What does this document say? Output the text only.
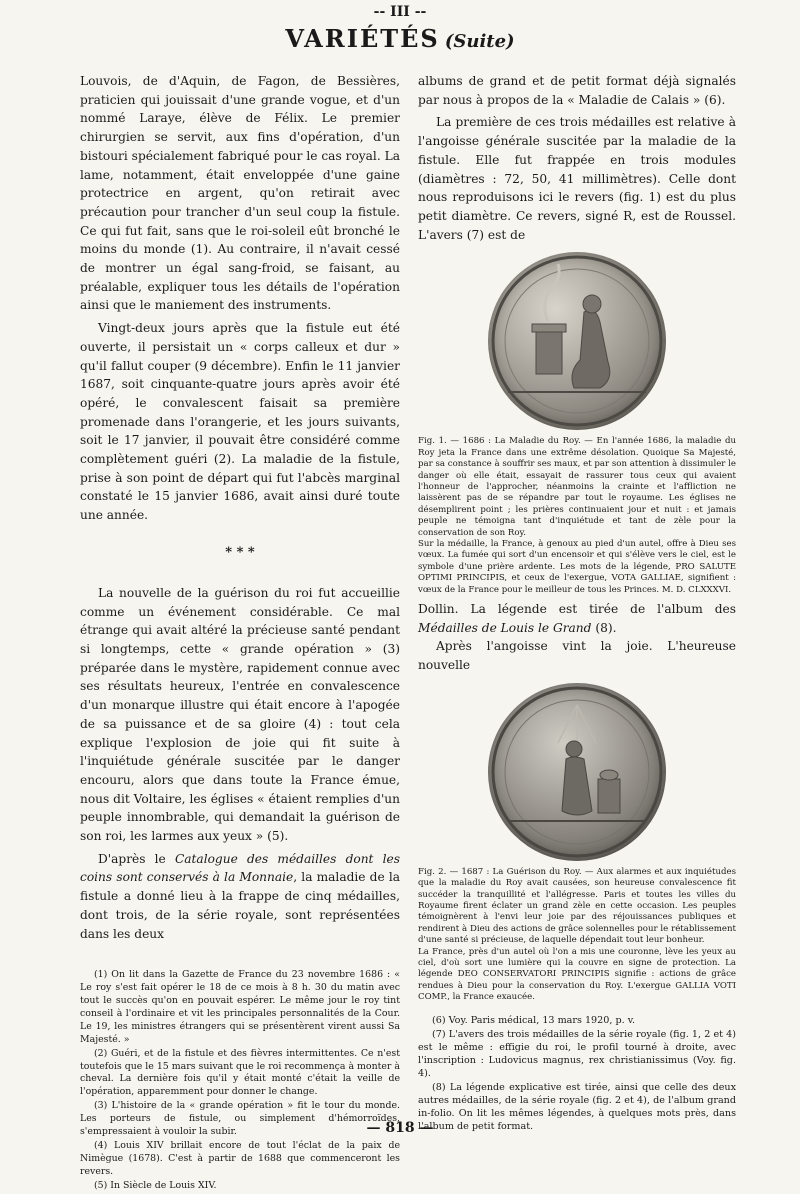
-- III --
VARIÉTÉS (Suite)

Louvois, de d'Aquin, de Fagon, de Bessières, praticien qui jouissait d'une grande vogue, et d'un nommé Laraye, élève de Félix. Le premier chirurgien se servit, aux fins d'opération, d'un bistouri spécialement fabriqué pour le cas royal. La lame, notamment, était enveloppée d'une gaine protectrice en argent, qu'on retirait avec précaution pour trancher d'un seul coup la fistule. Ce qui fut fait, sans que le roi-soleil eût bronché le moins du monde (1). Au contraire, il n'avait cessé de montrer un égal sang-froid, se faisant, au préalable, expliquer tous les détails de l'opération ainsi que le maniement des instruments.

Vingt-deux jours après que la fistule eut été ouverte, il persistait un « corps calleux et dur » qu'il fallut couper (9 décembre). Enfin le 11 janvier 1687, soit cinquante-quatre jours après avoir été opéré, le convalescent faisait sa première promenade dans l'orangerie, et les jours suivants, soit le 17 janvier, il pouvait être considéré comme complètement guéri (2). La maladie de la fistule, prise à son point de départ qui fut l'abcès marginal constaté le 15 janvier 1686, avait ainsi duré toute une année.

* * *

La nouvelle de la guérison du roi fut accueillie comme un événement considérable. Ce mal étrange qui avait altéré la précieuse santé pendant si longtemps, cette « grande opération » (3) préparée dans le mystère, rapidement connue avec ses résultats heureux, l'entrée en convalescence d'un monarque illustre qui était encore à l'apogée de sa puissance et de sa gloire (4) : tout cela explique l'explosion de joie qui fit suite à l'inquiétude générale suscitée par le danger encouru, alors que dans toute la France émue, nous dit Voltaire, les églises « étaient remplies d'un peuple innombrable, qui demandait la guérison de son roi, les larmes aux yeux » (5).

D'après le Catalogue des médailles dont les coins sont conservés à la Monnaie, la maladie de la fistule a donné lieu à la frappe de cinq médailles, dont trois, de la série royale, sont représentées dans les deux

(1) On lit dans la Gazette de France du 23 novembre 1686 : « Le roy s'est fait opérer le 18 de ce mois à 8 h. 30 du matin avec tout le succès qu'on en pouvait espérer. Le même jour le roy tint conseil à l'ordinaire et vit les principales personnalités de la Cour. Le 19, les ministres étrangers qui se présentèrent virent aussi Sa Majesté. »

(2) Guéri, et de la fistule et des fièvres intermittentes. Ce n'est toutefois que le 15 mars suivant que le roi recommença à monter à cheval. La dernière fois qu'il y était monté c'était la veille de l'opération, apparemment pour donner le change.

(3) L'histoire de la « grande opération » fit le tour du monde. Les porteurs de fistule, ou simplement d'hémorroïdes, s'empressaient à vouloir la subir.

(4) Louis XIV brillait encore de tout l'éclat de la paix de Nimègue (1678). C'est à partir de 1688 que commenceront les revers.

(5) In Siècle de Louis XIV.

albums de grand et de petit format déjà signalés par nous à propos de la « Maladie de Calais » (6).

La première de ces trois médailles est relative à l'angoisse générale suscitée par la maladie de la fistule. Elle fut frappée en trois modules (diamètres : 72, 50, 41 millimètres). Celle dont nous reproduisons ici le revers (fig. 1) est du plus petit diamètre. Ce revers, signé R, est de Roussel. L'avers (7) est de

Fig. 1. — 1686 : La Maladie du Roy. — En l'année 1686, la maladie du Roy jeta la France dans une extrême désolation. Quoique Sa Majesté, par sa constance à souffrir ses maux, et par son attention à dissimuler le danger où elle était, essayait de rassurer tous ceux qui avaient l'honneur de l'approcher, néanmoins la crainte et l'affliction ne laissèrent pas de se répandre par tout le royaume. Les églises ne désemplirent point ; les prières continuaient jour et nuit : et jamais peuple ne témoigna tant d'inquiétude et tant de zèle pour la conservation de son Roy.

Sur la médaille, la France, à genoux au pied d'un autel, offre à Dieu ses vœux. La fumée qui sort d'un encensoir et qui s'élève vers le ciel, est le symbole d'une prière ardente. Les mots de la légende, PRO SALUTE OPTIMI PRINCIPIS, et ceux de l'exergue, VOTA GALLIAE, signifient : vœux de la France pour le meilleur de tous les Princes. M. D. CLXXXVI.

Dollin. La légende est tirée de l'album des Médailles de Louis le Grand (8).

Après l'angoisse vint la joie. L'heureuse nouvelle

Fig. 2. — 1687 : La Guérison du Roy. — Aux alarmes et aux inquiétudes que la maladie du Roy avait causées, son heureuse convalescence fit succéder la tranquillité et l'allégresse. Paris et toutes les villes du Royaume firent éclater un grand zèle en cette occasion. Les peuples témoignèrent à l'envi leur joie par des réjouissances publiques et rendirent à Dieu des actions de grâce solennelles pour le rétablissement d'une santé si précieuse, de laquelle dépendait tout leur bonheur.

La France, près d'un autel où l'on a mis une couronne, lève les yeux au ciel, d'où sort une lumière qui la couvre en signe de protection. La légende DEO CONSERVATORI PRINCIPIS signifie : actions de grâce rendues à Dieu pour la conservation du Roy. L'exergue GALLIA VOTI COMP., la France exaucée.

(6) Voy. Paris médical, 13 mars 1920, p. v.

(7) L'avers des trois médailles de la série royale (fig. 1, 2 et 4) est le même : effigie du roi, le profil tourné à droite, avec l'inscription : Ludovicus magnus, rex christianissimus (Voy. fig. 4).

(8) La légende explicative est tirée, ainsi que celle des deux autres médailles, de la série royale (fig. 2 et 4), de l'album grand in-folio. On lit les mêmes légendes, à quelques mots près, dans l'album de petit format.

— 818 —
